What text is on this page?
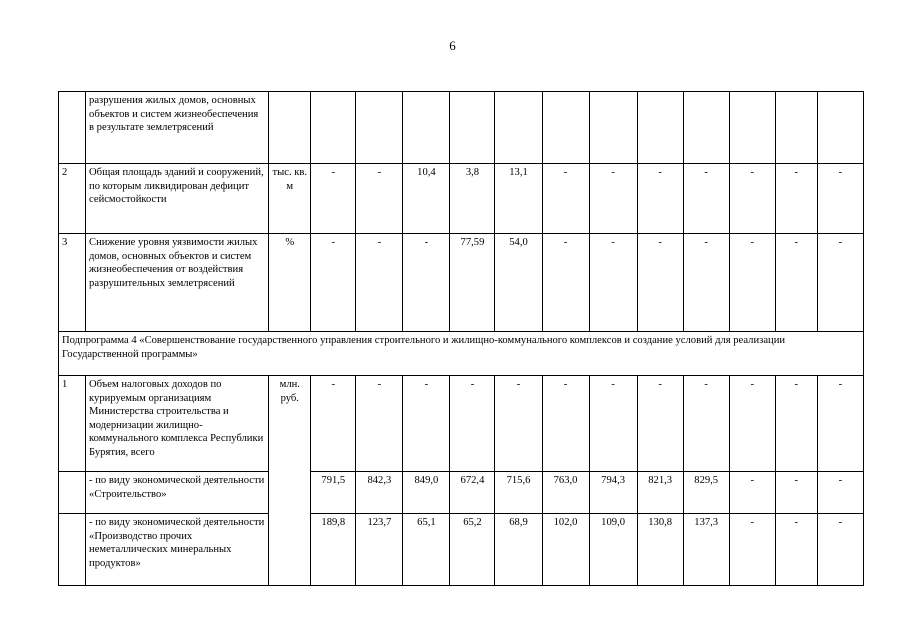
6
	разрушения жилых домов, основных объектов и систем жизнеобеспечения в результате землетрясений													
2	Общая площадь зданий и сооружений, по которым ликвидирован дефицит сейсмостойкости	тыс. кв. м	-	-	10,4	3,8	13,1	-	-	-	-	-	-	-
3	Снижение уровня уязвимости жилых домов, основных объектов и систем жизнеобеспечения от воздействия разрушительных землетрясений	%	-	-	-	77,59	54,0	-	-	-	-	-	-	-
Подпрограмма 4 «Совершенствование государственного управления строительного и жилищно-коммунального комплексов и создание условий для реализации Государственной программы»														
1	Объем налоговых доходов по курируемым организациям Министерства строительства и модернизации жилищно-коммунального комплекса Республики Бурятия, всего	млн. руб.	-	-	-	-	-	-	-	-	-	-	-	-
	- по виду экономической деятельности «Строительство»		791,5	842,3	849,0	672,4	715,6	763,0	794,3	821,3	829,5	-	-	-
	- по виду экономической деятельности «Производство прочих неметаллических минеральных продуктов»		189,8	123,7	65,1	65,2	68,9	102,0	109,0	130,8	137,3	-	-	-
